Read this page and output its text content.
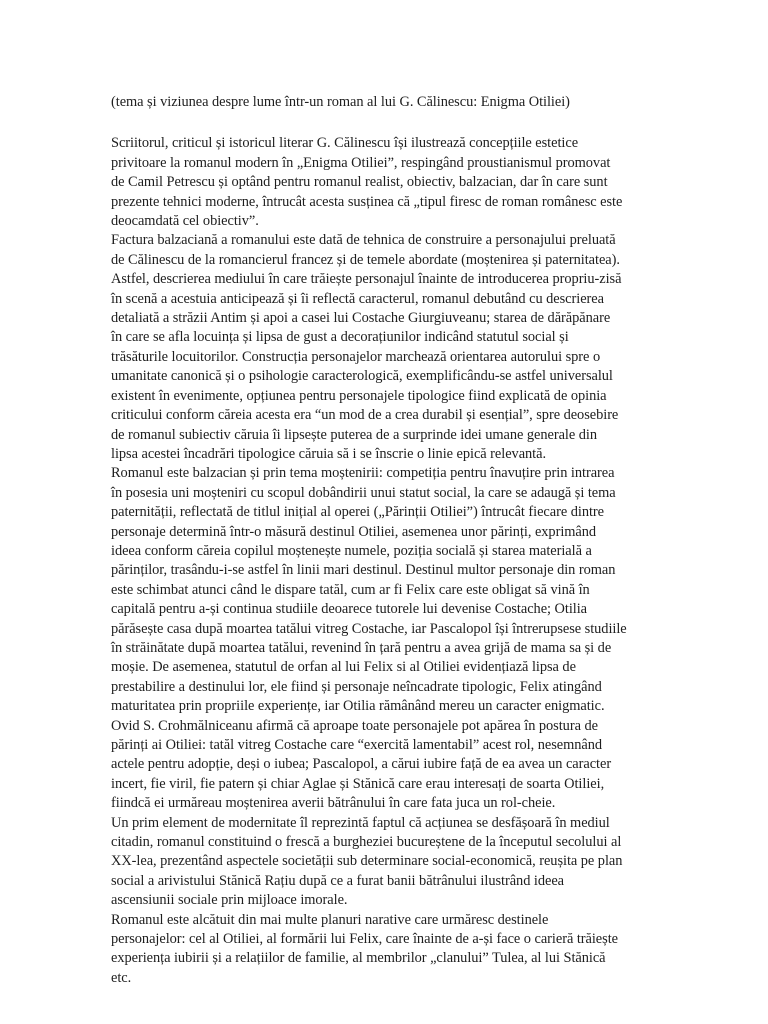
(tema și viziunea despre lume într-un roman al lui G. Călinescu: Enigma Otiliei)

Scriitorul, criticul și istoricul literar G. Călinescu își ilustrează concepțiile estetice
privitoare la romanul modern în „Enigma Otiliei”, respingând proustianismul promovat
de Camil Petrescu și optând pentru romanul realist, obiectiv, balzacian, dar în care sunt
prezente tehnici moderne, întrucât acesta susținea că „tipul firesc de roman românesc este
deocamdată cel obiectiv”.

Factura balzaciană a romanului este dată de tehnica de construire a personajului preluată
de Călinescu de la romancierul francez și de temele abordate (moștenirea și paternitatea).
Astfel, descrierea mediului în care trăiește personajul înainte de introducerea propriu-zisă
în scenă a acestuia anticipează și îi reflectă caracterul, romanul debutând cu descrierea
detaliată a străzii Antim și apoi a casei lui Costache Giurgiuveanu; starea de dărăpănare
în care se afla locuința și lipsa de gust a decorațiunilor indicând statutul social și
trăsăturile locuitorilor. Construcția personajelor marchează orientarea autorului spre o
umanitate canonică și o psihologie caracterologică, exemplificându-se astfel universalul
existent în evenimente, opțiunea pentru personajele tipologice fiind explicată de opinia
criticului conform căreia acesta era “un mod de a crea durabil și esențial”, spre deosebire
de romanul subiectiv căruia îi lipsește puterea de a surprinde idei umane generale din
lipsa acestei încadrări tipologice căruia să i se înscrie o linie epică relevantă.

Romanul este balzacian și prin tema moștenirii: competiția pentru înavuțire prin intrarea
în posesia uni moșteniri cu scopul dobândirii unui statut social, la care se adaugă și tema
paternității, reflectată de titlul inițial al operei („Părinții Otiliei”) întrucât fiecare dintre
personaje determină într-o măsură destinul Otiliei, asemenea unor părinți, exprimând
ideea conform căreia copilul moștenește numele, poziția socială și starea materială a
părinților, trasându-i-se astfel în linii mari destinul. Destinul multor personaje din roman
este schimbat atunci când le dispare tatăl, cum ar fi Felix care este obligat să vină în
capitală pentru a-și continua studiile deoarece tutorele lui devenise Costache; Otilia
părăsește casa după moartea tatălui vitreg Costache, iar Pascalopol își întrerupsese studiile
în străinătate după moartea tatălui, revenind în țară pentru a avea grijă de mama sa și de
moșie. De asemenea, statutul de orfan al lui Felix si al Otiliei evidențiază lipsa de
prestabilire a destinului lor, ele fiind și personaje neîncadrate tipologic, Felix atingând
maturitatea prin propriile experiențe, iar Otilia rămânând mereu un caracter enigmatic.
Ovid S. Crohmălniceanu afirmă că aproape toate personajele pot apărea în postura de
părinți ai Otiliei: tatăl vitreg Costache care “exercită lamentabil” acest rol, nesemnând
actele pentru adopție, deși o iubea; Pascalopol, a cărui iubire față de ea avea un caracter
incert, fie viril, fie patern și chiar Aglae și Stănică care erau interesați de soarta Otiliei,
fiindcă ei urmăreau moștenirea averii bătrânului în care fata juca un rol-cheie.

Un prim element de modernitate îl reprezintă faptul că acțiunea se desfășoară în mediul
citadin, romanul constituind o frescă a burgheziei bucureștene de la începutul secolului al
XX-lea, prezentând aspectele societății sub determinare social-economică, reușita pe plan
social a arivistului Stănică Rațiu după ce a furat banii bătrânului ilustrând ideea
ascensiunii sociale prin mijloace imorale.

Romanul este alcătuit din mai multe planuri narative care urmăresc destinele
personajelor: cel al Otiliei, al formării lui Felix, care înainte de a-și face o carieră trăiește
experiența iubirii și a relațiilor de familie, al membrilor „clanului” Tulea, al lui Stănică
etc.
